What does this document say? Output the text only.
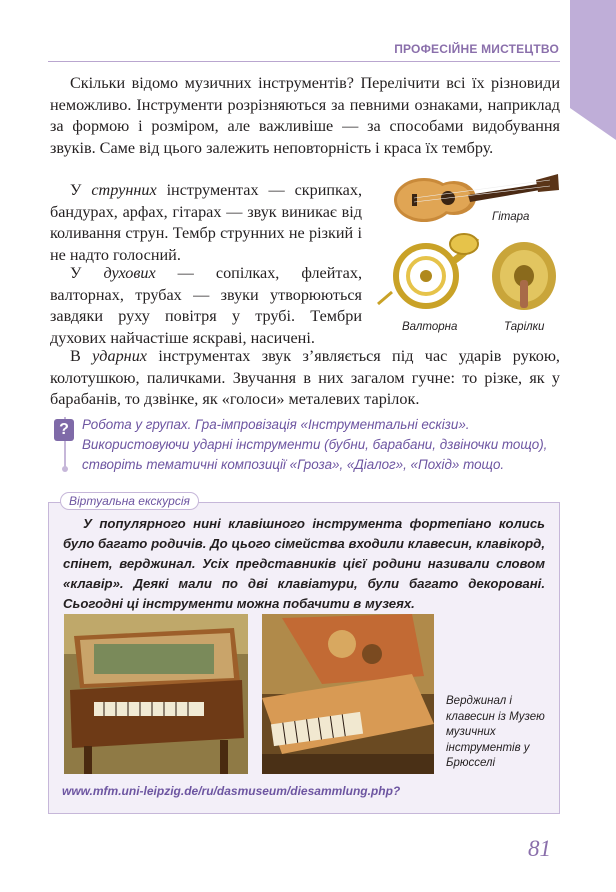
ПРОФЕСІЙНЕ МИСТЕЦТВО

Скільки відомо музичних інструментів? Перелічити всі їх різновиди неможливо. Інструменти розрізняються за певними ознаками, наприклад за формою і розміром, але важливіше — за способами видобування звуків. Саме від цього залежить неповторність і краса їх тембру.

У струнних інструментах — скрипках, бандурах, арфах, гітарах — звук виникає від коливання струн. Тембр струнних не різкий і не надто голосний.

У духових — сопілках, флейтах, валторнах, трубах — звуки утворюються завдяки руху повітря у трубі. Тембри духових найчастіше яскраві, насичені.

В ударних інструментах звук з’являється під час ударів рукою, колотушкою, паличками. Звучання в них загалом гучне: то різке, як у барабанів, то дзвінке, як «голоси» металевих тарілок.

Гітара
Валторна	Тарілки
? Робота у групах. Гра-імпровізація «Інструментальні ескізи». Використовуючи ударні інструменти (бубни, барабани, дзвіночки тощо), створіть тематичні композиції «Гроза», «Діалог», «Похід» тощо.
Віртуальна екскурсія
У популярного нині клавішного інструмента фортепіано колись було багато родичів. До цього сімейства входили клавесин, клавікорд, спінет, верджинал. Усіх представників цієї родини називали словом «клавір». Деякі мали по дві клавіатури, були багато декоровані. Сьогодні ці інструменти можна побачити в музеях.
Верджинал і клавесин із Музею музичних інструментів у Брюсселі
www.mfm.uni-leipzig.de/ru/dasmuseum/diesammlung.php?
81
